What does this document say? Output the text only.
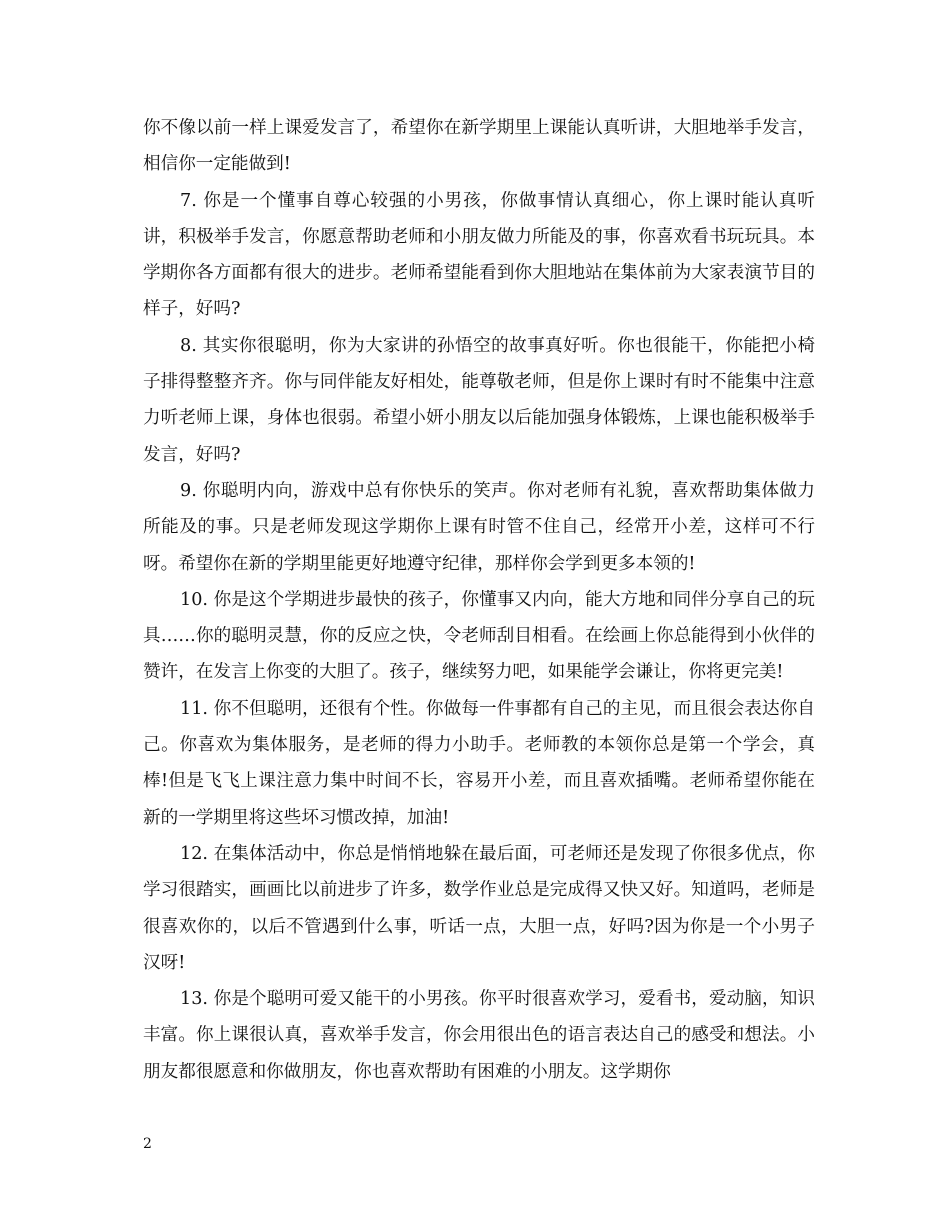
你不像以前一样上课爱发言了，希望你在新学期里上课能认真听讲，大胆地举手发言，相信你一定能做到!

7. 你是一个懂事自尊心较强的小男孩，你做事情认真细心，你上课时能认真听讲，积极举手发言，你愿意帮助老师和小朋友做力所能及的事，你喜欢看书玩玩具。本学期你各方面都有很大的进步。老师希望能看到你大胆地站在集体前为大家表演节目的样子，好吗?

8. 其实你很聪明，你为大家讲的孙悟空的故事真好听。你也很能干，你能把小椅子排得整整齐齐。你与同伴能友好相处，能尊敬老师，但是你上课时有时不能集中注意力听老师上课，身体也很弱。希望小妍小朋友以后能加强身体锻炼，上课也能积极举手发言，好吗?

9. 你聪明内向，游戏中总有你快乐的笑声。你对老师有礼貌，喜欢帮助集体做力所能及的事。只是老师发现这学期你上课有时管不住自己，经常开小差，这样可不行呀。希望你在新的学期里能更好地遵守纪律，那样你会学到更多本领的!

10. 你是这个学期进步最快的孩子，你懂事又内向，能大方地和同伴分享自己的玩具……你的聪明灵慧，你的反应之快，令老师刮目相看。在绘画上你总能得到小伙伴的赞许，在发言上你变的大胆了。孩子，继续努力吧，如果能学会谦让，你将更完美!

11. 你不但聪明，还很有个性。你做每一件事都有自己的主见，而且很会表达你自己。你喜欢为集体服务，是老师的得力小助手。老师教的本领你总是第一个学会，真棒!但是飞飞上课注意力集中时间不长，容易开小差，而且喜欢插嘴。老师希望你能在新的一学期里将这些坏习惯改掉，加油!

12. 在集体活动中，你总是悄悄地躲在最后面，可老师还是发现了你很多优点，你学习很踏实，画画比以前进步了许多，数学作业总是完成得又快又好。知道吗，老师是很喜欢你的，以后不管遇到什么事，听话一点，大胆一点，好吗?因为你是一个小男子汉呀!

13. 你是个聪明可爱又能干的小男孩。你平时很喜欢学习，爱看书，爱动脑，知识丰富。你上课很认真，喜欢举手发言，你会用很出色的语言表达自己的感受和想法。小朋友都很愿意和你做朋友，你也喜欢帮助有困难的小朋友。这学期你

2
